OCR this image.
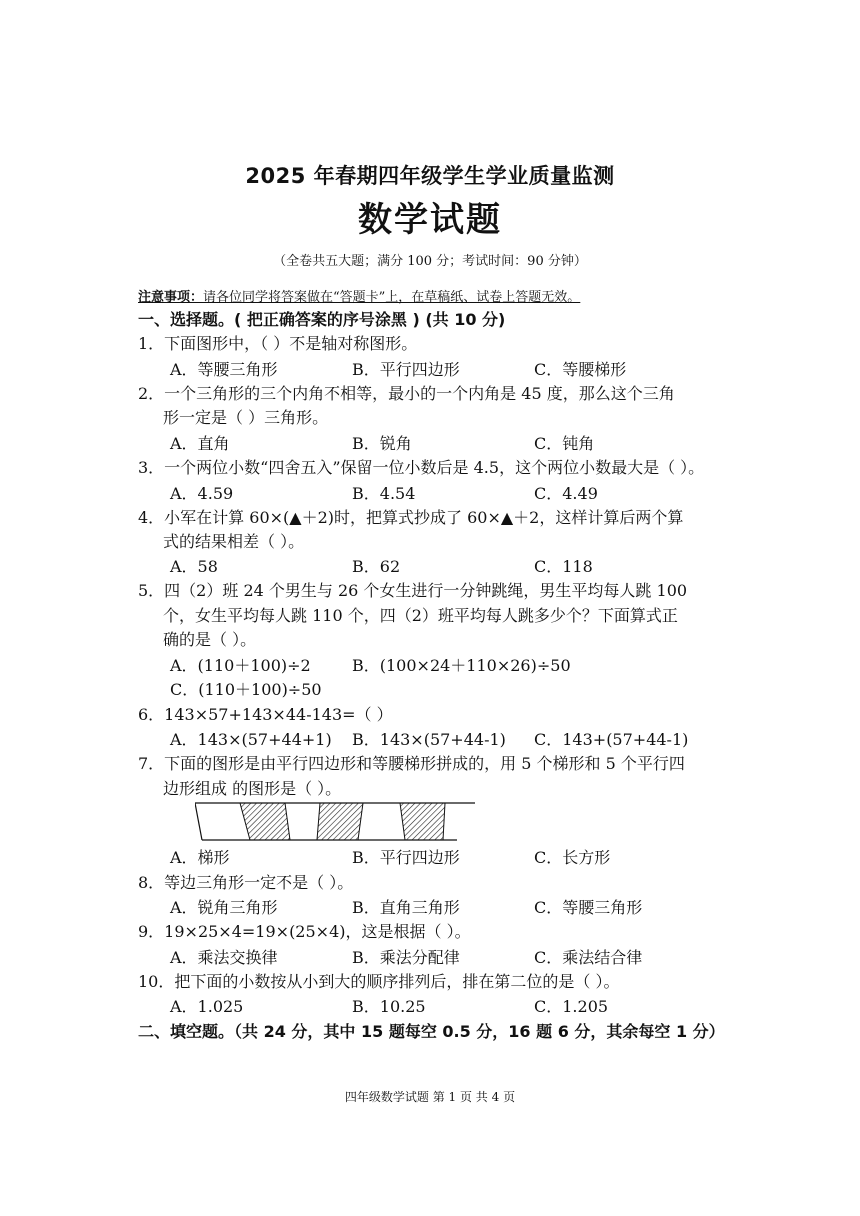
2025 年春期四年级学生学业质量监测
数学试题
（全卷共五大题；满分 100 分；考试时间：90 分钟）
注意事项：请各位同学将答案做在“答题卡”上，在草稿纸、试卷上答题无效。
一、选择题。( 把正确答案的序号涂黑 ) (共 10 分)
1．下面图形中，（ ）不是轴对称图形。
A．等腰三角形	B．平行四边形	C．等腰梯形
2．一个三角形的三个内角不相等，最小的一个内角是 45 度，那么这个三角
形一定是（ ）三角形。
A．直角	B．锐角	C．钝角
3．一个两位小数“四舍五入”保留一位小数后是 4.5，这个两位小数最大是（ ）。
A．4.59	B．4.54	C．4.49
4．小军在计算 60×(▲＋2)时，把算式抄成了 60×▲＋2，这样计算后两个算
式的结果相差（ ）。
A．58	B．62	C．118
5．四（2）班 24 个男生与 26 个女生进行一分钟跳绳，男生平均每人跳 100
个，女生平均每人跳 110 个，四（2）班平均每人跳多少个？下面算式正
确的是（ ）。
A．(110＋100)÷2	B．(100×24＋110×26)÷50
C．(110＋100)÷50
6．143×57+143×44-143=（ ）
A．143×(57+44+1) B．143×(57+44-1) C．143+(57+44-1)
7．下面的图形是由平行四边形和等腰梯形拼成的，用 5 个梯形和 5 个平行四
边形组成 的图形是（ ）。
A．梯形	B．平行四边形	C．长方形
8．等边三角形一定不是（ ）。
A．锐角三角形	B．直角三角形	C．等腰三角形
9．19×25×4=19×(25×4)，这是根据（ ）。
A．乘法交换律	B．乘法分配律	C．乘法结合律
10．把下面的小数按从小到大的顺序排列后，排在第二位的是（ ）。
A．1.025	B．10.25	C．1.205
二、填空题。（共 24 分，其中 15 题每空 0.5 分，16 题 6 分，其余每空 1 分）
四年级数学试题 第 1 页 共 4 页
